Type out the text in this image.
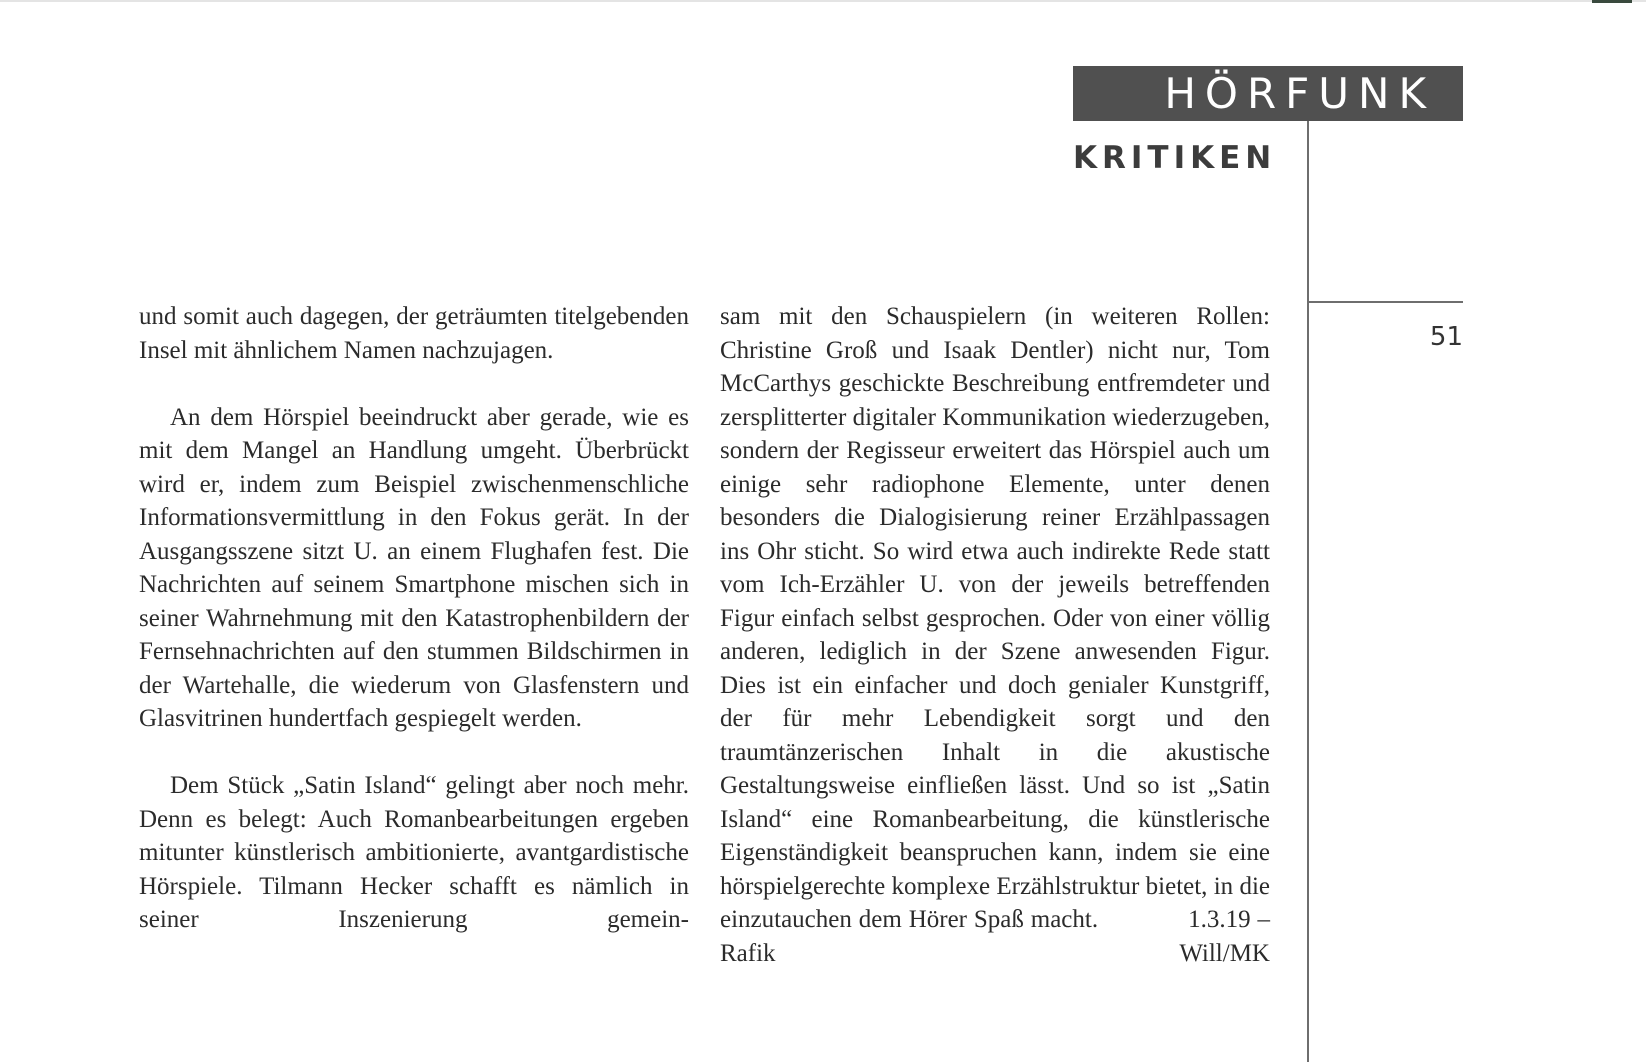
HÖRFUNK
KRITIKEN
51

und somit auch dagegen, der geträumten titelgebenden Insel mit ähnlichem Namen nachzujagen.

An dem Hörspiel beeindruckt aber gerade, wie es mit dem Mangel an Handlung umgeht. Überbrückt wird er, indem zum Beispiel zwischenmenschliche Informationsvermittlung in den Fokus gerät. In der Ausgangsszene sitzt U. an einem Flughafen fest. Die Nachrichten auf seinem Smartphone mischen sich in seiner Wahrnehmung mit den Katastrophenbildern der Fernsehnachrichten auf den stummen Bildschirmen in der Wartehalle, die wiederum von Glasfenstern und Glasvitrinen hundertfach gespiegelt werden.

Dem Stück „Satin Island“ gelingt aber noch mehr. Denn es belegt: Auch Romanbearbeitungen ergeben mitunter künstlerisch ambitionierte, avantgardistische Hörspiele. Tilmann Hecker schafft es nämlich in seiner Inszenierung gemein-

sam mit den Schauspielern (in weiteren Rollen: Christine Groß und Isaak Dentler) nicht nur, Tom McCarthys geschickte Beschreibung entfremdeter und zersplitterter digitaler Kommunikation wiederzugeben, sondern der Regisseur erweitert das Hörspiel auch um einige sehr radiophone Elemente, unter denen besonders die Dialogisierung reiner Erzählpassagen ins Ohr sticht. So wird etwa auch indirekte Rede statt vom Ich-Erzähler U. von der jeweils betreffenden Figur einfach selbst gesprochen. Oder von einer völlig anderen, lediglich in der Szene anwesenden Figur. Dies ist ein einfacher und doch genialer Kunstgriff, der für mehr Lebendigkeit sorgt und den traumtänzerischen Inhalt in die akustische Gestaltungsweise einfließen lässt. Und so ist „Satin Island“ eine Romanbearbeitung, die künstlerische Eigenständigkeit beanspruchen kann, indem sie eine hörspielgerechte komplexe Erzählstruktur bietet, in die einzutauchen dem Hörer Spaß macht.	1.3.19 – Rafik Will/MK
